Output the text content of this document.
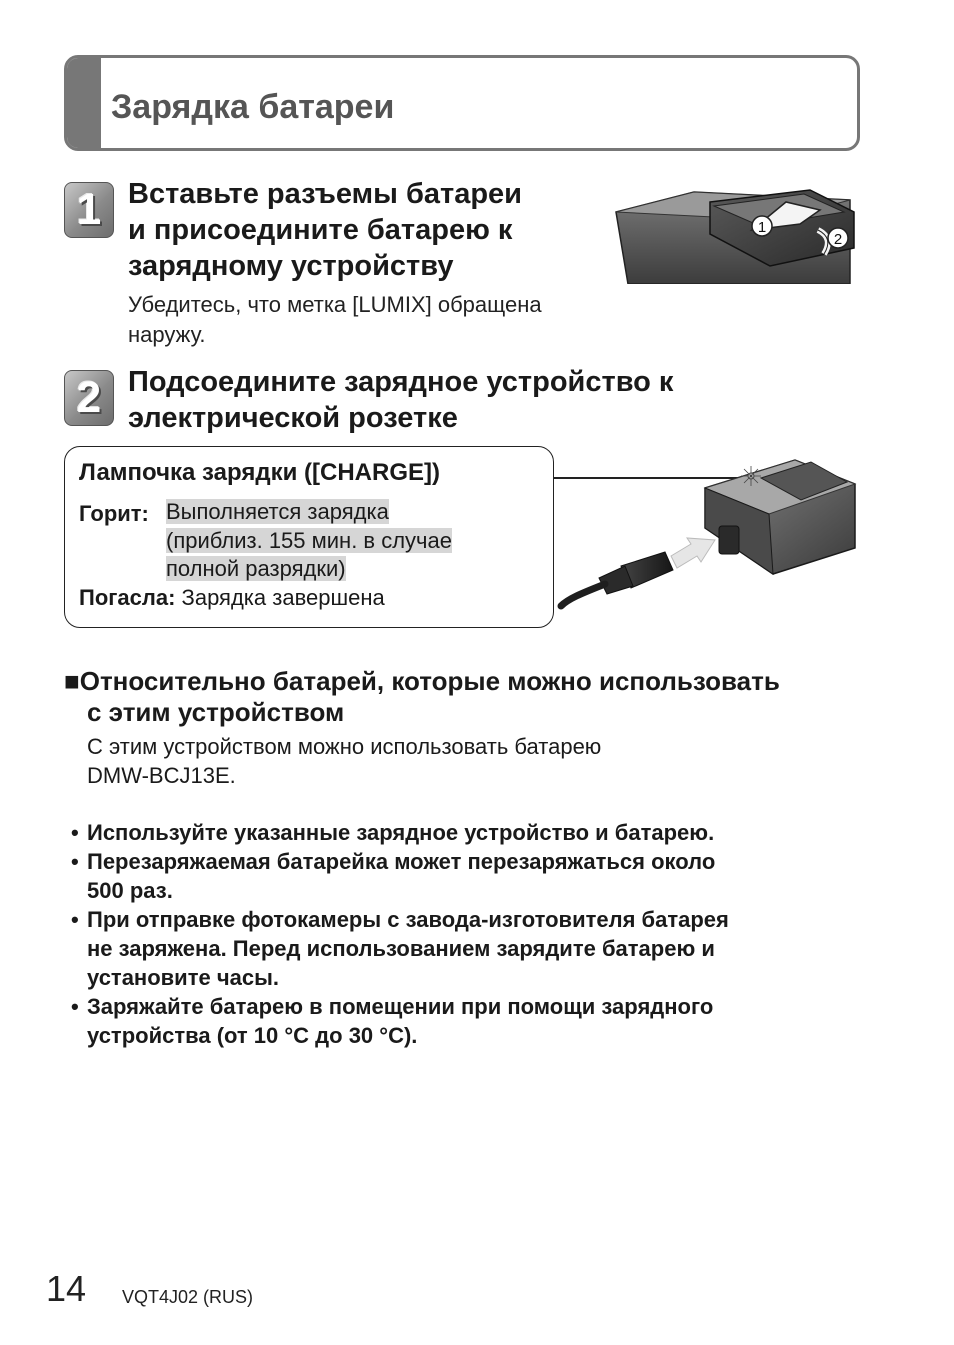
Зарядка батареи
1 Вставьте разъемы батареи
и присоедините батарею к
зарядному устройству
Убедитесь, что метка [LUMIX] обращена
наружу.
1
2
2 Подсоедините зарядное устройство к
электрической розетке
Лампочка зарядки ([CHARGE])
Горит: Выполняется зарядка
(приблиз. 155 мин. в случае
полной разрядки)
Погасла: Зарядка завершена
■Относительно батарей, которые можно использовать
с этим устройством
С этим устройством можно использовать батарею
DMW-BCJ13E.
• Используйте указанные зарядное устройство и батарею.
• Перезаряжаемая батарейка может перезаряжаться около
500 раз.
• При отправке фотокамеры с завода-изготовителя батарея
не заряжена. Перед использованием зарядите батарею и
установите часы.
• Заряжайте батарею в помещении при помощи зарядного
устройства (от 10 °C до 30 °C).
14 VQT4J02 (RUS)
